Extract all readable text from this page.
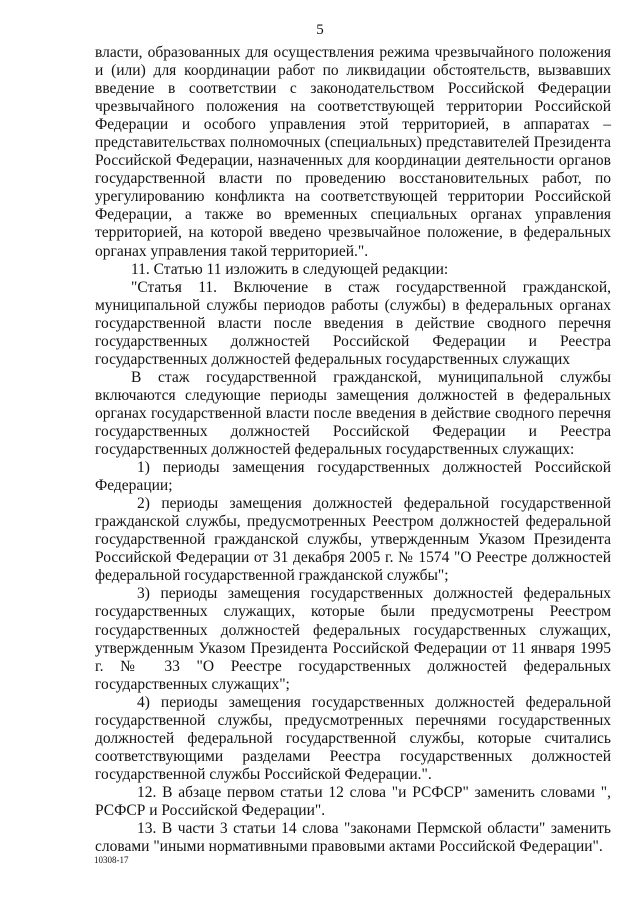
5

власти, образованных для осуществления режима чрезвычайного положения и (или) для координации работ по ликвидации обстоятельств, вызвавших введение в соответствии с законодательством Российской Федерации чрезвычайного положения на соответствующей территории Российской Федерации и особого управления этой территорией, в аппаратах – представительствах полномочных (специальных) представителей Президента Российской Федерации, назначенных для координации деятельности органов государственной власти по проведению восстановительных работ, по урегулированию конфликта на соответствующей территории Российской Федерации, а также во временных специальных органах управления территорией, на которой введено чрезвычайное положение, в федеральных органах управления такой территорией.".

11. Статью 11 изложить в следующей редакции:

"Статья 11. Включение в стаж государственной гражданской, муниципальной службы периодов работы (службы) в федеральных органах государственной власти после введения в действие сводного перечня государственных должностей Российской Федерации и Реестра государственных должностей федеральных государственных служащих

В стаж государственной гражданской, муниципальной службы включаются следующие периоды замещения должностей в федеральных органах государственной власти после введения в действие сводного перечня государственных должностей Российской Федерации и Реестра государственных должностей федеральных государственных служащих:

1) периоды замещения государственных должностей Российской Федерации;

2) периоды замещения должностей федеральной государственной гражданской службы, предусмотренных Реестром должностей федеральной государственной гражданской службы, утвержденным Указом Президента Российской Федерации от 31 декабря 2005 г. № 1574 "О Реестре должностей федеральной государственной гражданской службы";

3) периоды замещения государственных должностей федеральных государственных служащих, которые были предусмотрены Реестром государственных должностей федеральных государственных служащих, утвержденным Указом Президента Российской Федерации от 11 января 1995 г. № 33 "О Реестре государственных должностей федеральных государственных служащих";

4) периоды замещения государственных должностей федеральной государственной службы, предусмотренных перечнями государственных должностей федеральной государственной службы, которые считались соответствующими разделами Реестра государственных должностей государственной службы Российской Федерации.".

12. В абзаце первом статьи 12 слова "и РСФСР" заменить словами ", РСФСР и Российской Федерации".

13. В части 3 статьи 14 слова "законами Пермской области" заменить словами "иными нормативными правовыми актами Российской Федерации".

10308-17
